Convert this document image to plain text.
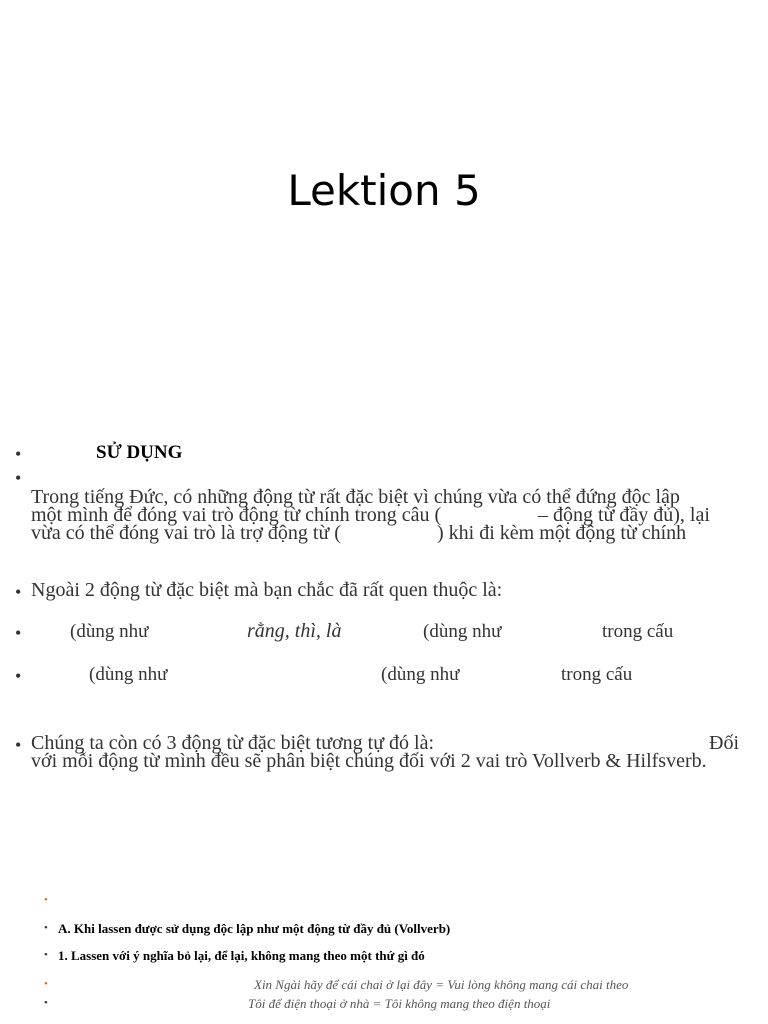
Lektion 5
•	SỬ DỤNG
•
Trong tiếng Đức, có những động từ rất đặc biệt vì chúng vừa có thể đứng độc lập
một mình để đóng vai trò động từ chính trong câu (	– động từ đầy đủ), lại
vừa có thể đóng vai trò là trợ động từ (	) khi đi kèm một động từ chính
• Ngoài 2 động từ đặc biệt mà bạn chắc đã rất quen thuộc là:
•	(dùng như	rằng, thì, là	(dùng như	trong cấu
•	(dùng như	(dùng như	trong cấu
• Chúng ta còn có 3 động từ đặc biệt tương tự đó là:	Đối
với mỗi động từ mình đều sẽ phân biệt chúng đối với 2 vai trò Vollverb & Hilfsverb.
•
• A. Khi lassen được sử dụng độc lập như một động từ đầy đủ (Vollverb)
• 1. Lassen với ý nghĩa bỏ lại, để lại, không mang theo một thứ gì đó
•	Xin Ngài hãy để cái chai ở lại đây = Vui lòng không mang cái chai theo
•	Tôi để điện thoại ở nhà = Tôi không mang theo điện thoại
